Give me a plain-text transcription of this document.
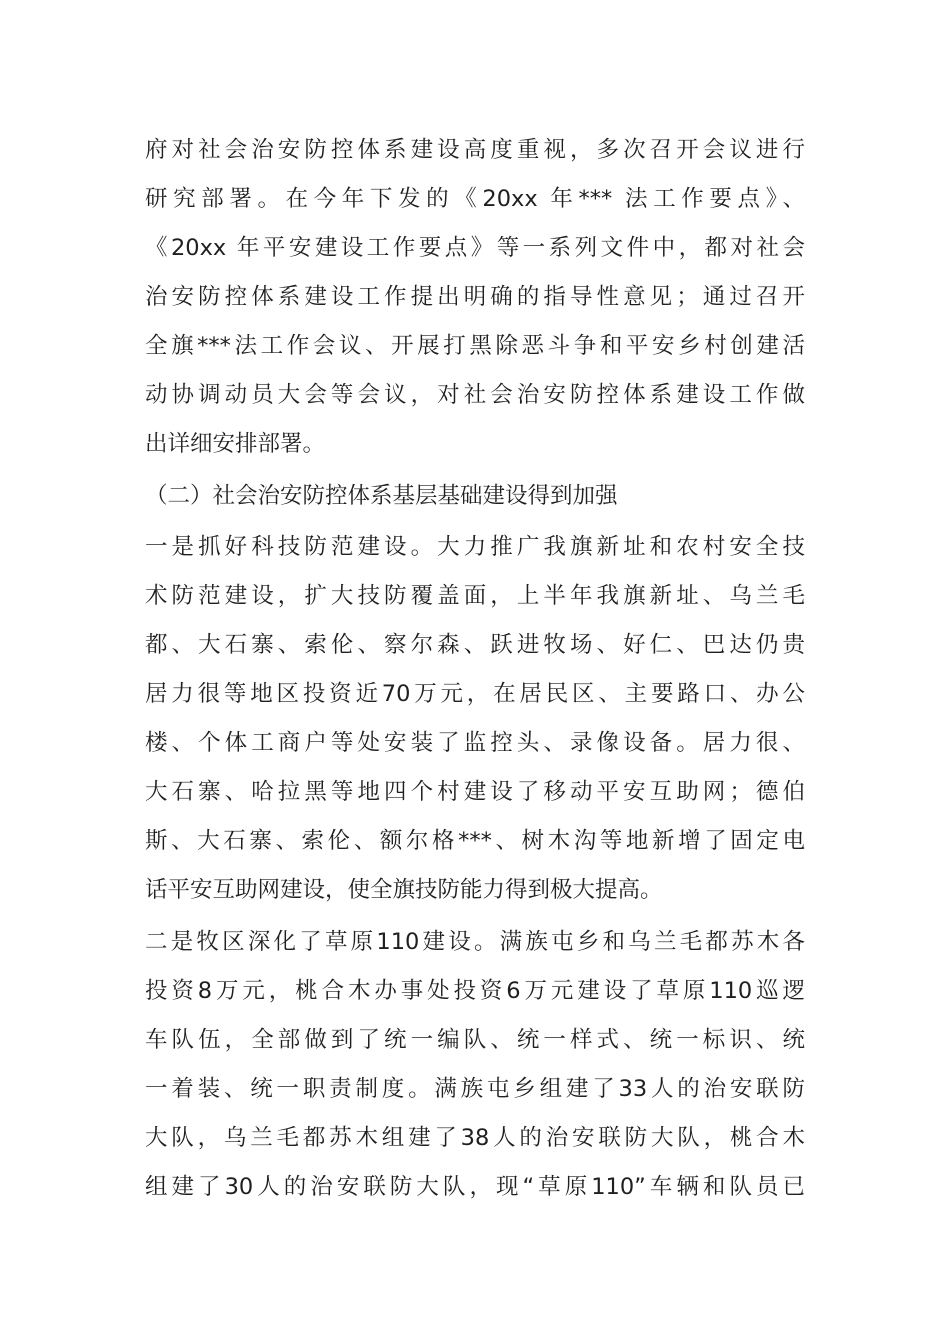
府对社会治安防控体系建设高度重视，多次召开会议进行
研究部署。在今年下发的《20xx 年*** 法工作要点》、
《20xx 年平安建设工作要点》等一系列文件中，都对社会
治安防控体系建设工作提出明确的指导性意见；通过召开
全旗***法工作会议、开展打黑除恶斗争和平安乡村创建活
动协调动员大会等会议，对社会治安防控体系建设工作做
出详细安排部署。
（二）社会治安防控体系基层基础建设得到加强
一是抓好科技防范建设。大力推广我旗新址和农村安全技
术防范建设，扩大技防覆盖面，上半年我旗新址、乌兰毛
都、大石寨、索伦、察尔森、跃进牧场、好仁、巴达仍贵
居力很等地区投资近70万元，在居民区、主要路口、办公
楼、个体工商户等处安装了监控头、录像设备。居力很、
大石寨、哈拉黑等地四个村建设了移动平安互助网；德伯
斯、大石寨、索伦、额尔格***、树木沟等地新增了固定电
话平安互助网建设，使全旗技防能力得到极大提高。
二是牧区深化了草原110建设。满族屯乡和乌兰毛都苏木各
投资8万元，桃合木办事处投资6万元建设了草原110巡逻
车队伍，全部做到了统一编队、统一样式、统一标识、统
一着装、统一职责制度。满族屯乡组建了33人的治安联防
大队，乌兰毛都苏木组建了38人的治安联防大队，桃合木
组建了30人的治安联防大队，现“草原110”车辆和队员已
